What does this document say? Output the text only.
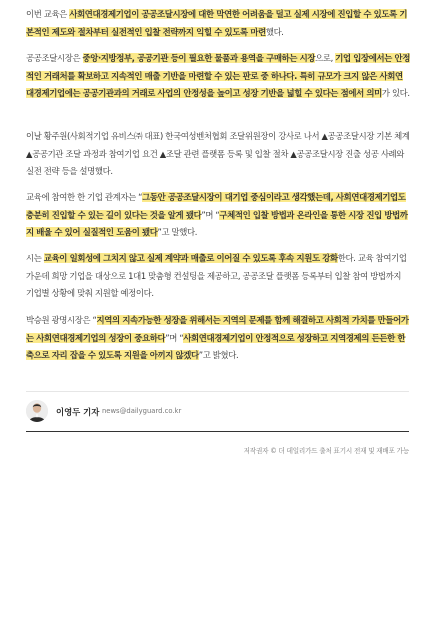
이번 교육은 사회연대경제기업이 공공조달시장에 대한 막연한 어려움을 덜고 실제 시장에 진입할 수 있도록 기본적인 제도와 절차부터 실전적인 입찰 전략까지 익힐 수 있도록 마련했다.

공공조달시장은 중앙·지방정부, 공공기관 등이 필요한 물품과 용역을 구매하는 시장으로, 기업 입장에서는 안정적인 거래처를 확보하고 지속적인 매출 기반을 마련할 수 있는 판로 중 하나다. 특히 규모가 크지 않은 사회연대경제기업에는 공공기관과의 거래로 사업의 안정성을 높이고 성장 기반을 넓힐 수 있다는 점에서 의미가 있다.

이날 황주원(사회적기업 유비스㈜ 대표) 한국여성벤처협회 조달위원장이 강사로 나서 ▲공공조달시장 기본 체계 ▲공공기관 조달 과정과 참여기업 요건 ▲조달 관련 플랫폼 등록 및 입찰 절차 ▲공공조달시장 진출 성공 사례와 실전 전략 등을 설명했다.

교육에 참여한 한 기업 관계자는 “그동안 공공조달시장이 대기업 중심이라고 생각했는데, 사회연대경제기업도 충분히 진입할 수 있는 길이 있다는 것을 알게 됐다”며 “구체적인 입찰 방법과 온라인을 통한 시장 진입 방법까지 배울 수 있어 실질적인 도움이 됐다”고 말했다.

시는 교육이 일회성에 그치지 않고 실제 계약과 매출로 이어질 수 있도록 후속 지원도 강화한다. 교육 참여기업 가운데 희망 기업을 대상으로 1대1 맞춤형 컨설팅을 제공하고, 공공조달 플랫폼 등록부터 입찰 참여 방법까지 기업별 상황에 맞춰 지원할 예정이다.

박승원 광명시장은 “지역의 지속가능한 성장을 위해서는 지역의 문제를 함께 해결하고 사회적 가치를 만들어가는 사회연대경제기업의 성장이 중요하다”며 “사회연대경제기업이 안정적으로 성장하고 지역경제의 든든한 한 축으로 자리 잡을 수 있도록 지원을 아끼지 않겠다”고 밝혔다.

이영두 기자 news@dailyguard.co.kr
저작권자 © 더 데일리가드 출처 표기시 전재 및 재배포 가능
